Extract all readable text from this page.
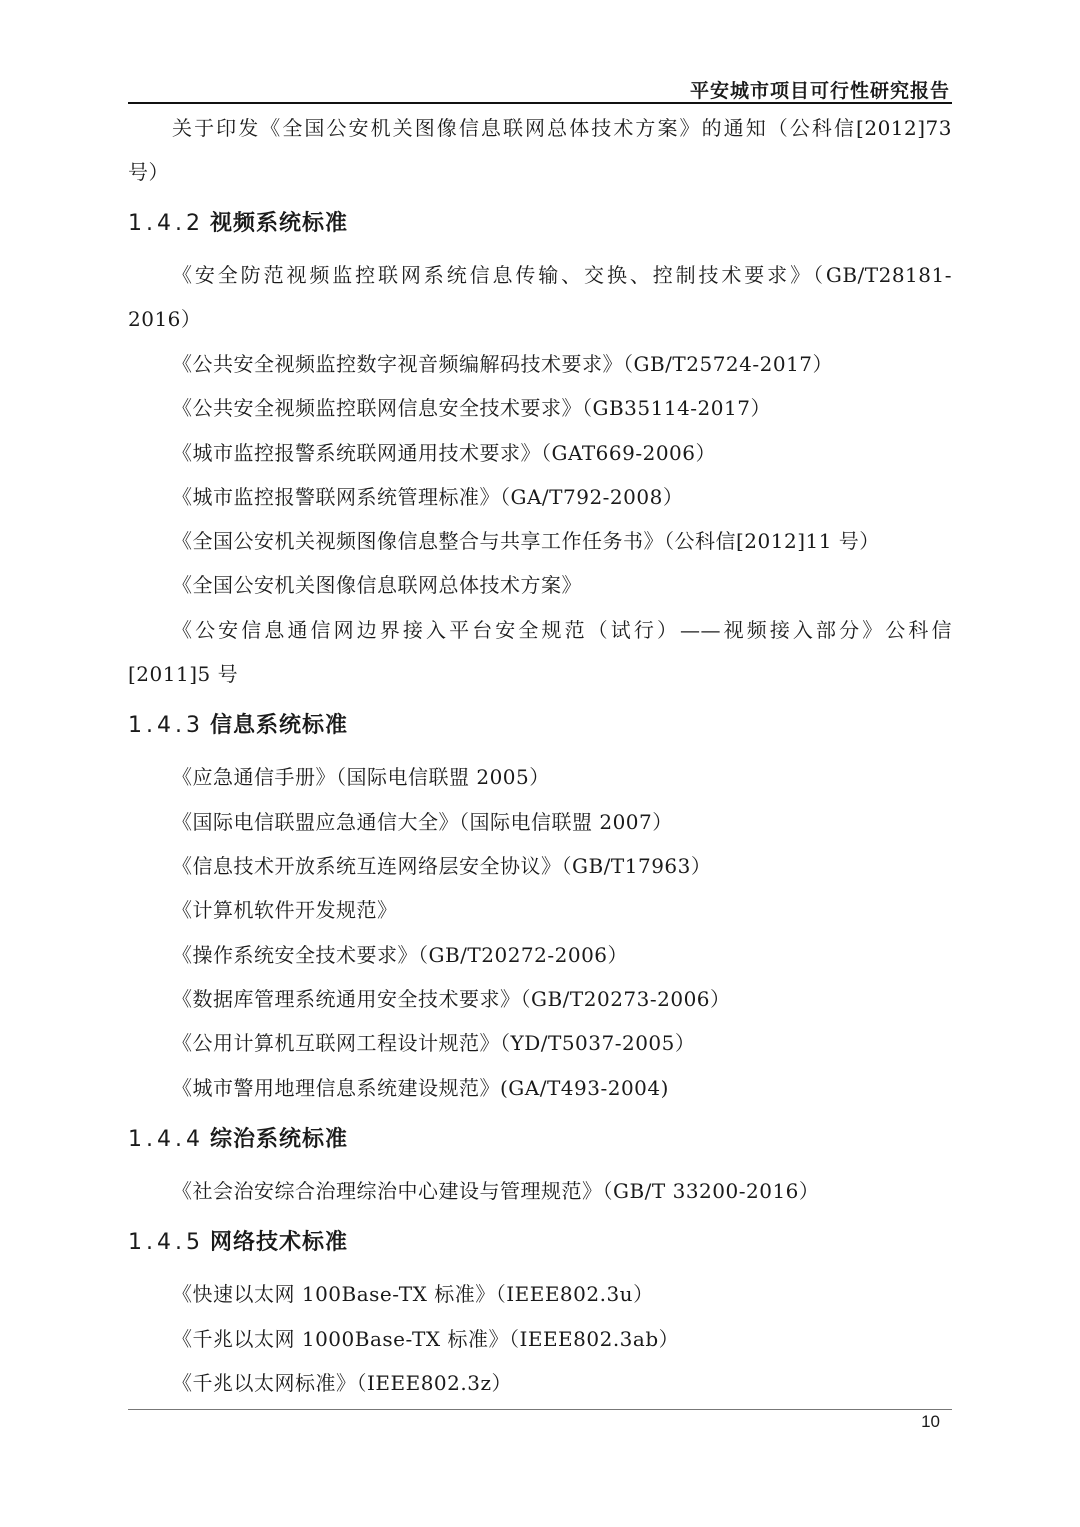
平安城市项目可行性研究报告
关于印发《全国公安机关图像信息联网总体技术方案》的通知（公科信[2012]73
号）
1.4.2 视频系统标准
《安全防范视频监控联网系统信息传输、交换、控制技术要求》（GB/T28181-
2016）
《公共安全视频监控数字视音频编解码技术要求》（GB/T25724-2017）
《公共安全视频监控联网信息安全技术要求》（GB35114-2017）
《城市监控报警系统联网通用技术要求》（GAT669-2006）
《城市监控报警联网系统管理标准》（GA/T792-2008）
《全国公安机关视频图像信息整合与共享工作任务书》（公科信[2012]11 号）
《全国公安机关图像信息联网总体技术方案》
《公安信息通信网边界接入平台安全规范（试行）——视频接入部分》公科信
[2011]5 号
1.4.3 信息系统标准
《应急通信手册》（国际电信联盟 2005）
《国际电信联盟应急通信大全》（国际电信联盟 2007）
《信息技术开放系统互连网络层安全协议》（GB/T17963）
《计算机软件开发规范》
《操作系统安全技术要求》（GB/T20272-2006）
《数据库管理系统通用安全技术要求》（GB/T20273-2006）
《公用计算机互联网工程设计规范》（YD/T5037-2005）
《城市警用地理信息系统建设规范》(GA/T493-2004)
1.4.4 综治系统标准
《社会治安综合治理综治中心建设与管理规范》（GB/T 33200-2016）
1.4.5 网络技术标准
《快速以太网 100Base-TX 标准》（IEEE802.3u）
《千兆以太网 1000Base-TX 标准》（IEEE802.3ab）
《千兆以太网标准》（IEEE802.3z）
10
